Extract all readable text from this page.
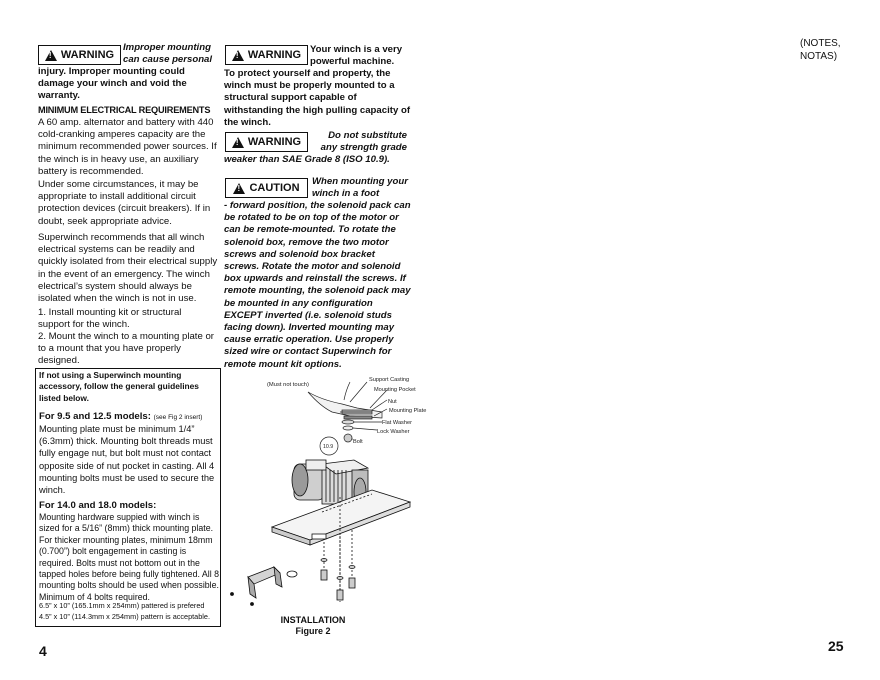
!
WARNING
Improper mounting can cause personal
injury. Improper mounting could damage your winch and void the warranty.
MINIMUM ELECTRICAL REQUIREMENTS
A 60 amp. alternator and battery with 440 cold-cranking amperes capacity are the minimum recommended power sources. If the winch is in heavy use, an auxiliary battery is recommended.
Under some circumstances, it may be appropriate to install additional circuit protection devices (circuit breakers). If in doubt, seek appropriate advice.
Superwinch recommends that all winch electrical systems can be readily and quickly isolated from their electrical supply in the event of an emergency. The winch electrical’s system should always be isolated when the winch is not in use.
1. Install mounting kit or structural support for the winch.
2. Mount the winch to a mounting plate or to a mount that you have properly designed.
If not using a Superwinch mounting accessory, follow the general guidelines listed below.
For 9.5 and 12.5 models: (see Fig 2 insert)
Mounting plate must be minimum 1/4” (6.3mm) thick. Mounting bolt threads must fully engage nut, but bolt must not contact opposite side of nut pocket in casting. All 4 mounting bolts must be used to secure the winch.
For 14.0 and 18.0 models:
Mounting hardware suppied with winch is sized for a 5/16” (8mm) thick mounting plate. For thicker mounting plates, minimum 18mm (0.700”) bolt engagement in casting is required. Bolts must not bottom out in the tapped holes before being fully tightened. All 8 mounting bolts should be used when possible. Minimum of 4 bolts required.
6.5” x 10” (165.1mm x 254mm) pattered is prefered
4.5” x 10” (114.3mm x 254mm) pattern is acceptable.
!
WARNING Your winch is a very powerful machine.
To protect yourself and property, the winch must be properly mounted to a structural support capable of withstanding the high pulling capacity of the winch.
!
WARNING
Do not substitute any strength grade
weaker than SAE Grade 8 (ISO 10.9).
!
CAUTION
When mounting your winch in a foot
- forward position, the solenoid pack can be rotated to be on top of the motor or can be remote-mounted. To rotate the solenoid box, remove the two motor screws and solenoid box bracket screws. Rotate the motor and solenoid box upwards and reinstall the screws. If remote mounting, the solenoid pack may be mounted in any configuration EXCEPT inverted (i.e. solenoid studs facing down). Inverted mounting may cause erratic operation. Use properly sized wire or contact Superwinch for remote mount kit options.
(Must not touch)
Support Casting
Mounting Pocket
Nut
Mounting Plate
Flat Washer
Lock Washer
Bolt
10.9
INSTALLATION
Figure 2
(NOTES, NOTAS)
4	25
